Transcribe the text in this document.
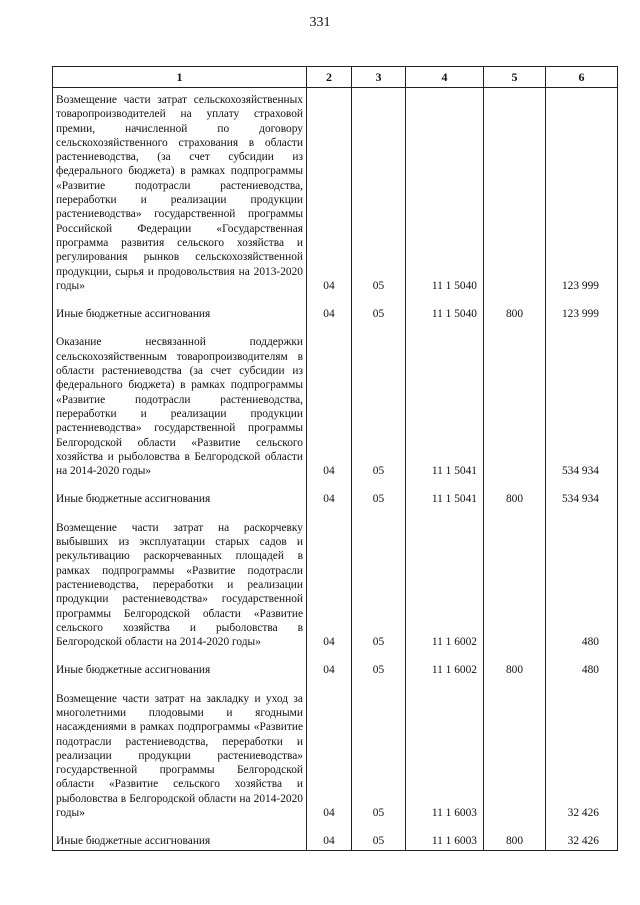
331
1	2	3	4	5	6

Возмещение части затрат сельскохозяйственных товаропроизводителей на уплату страховой премии, начисленной по договору сельскохозяйственного страхования в области растениеводства, (за счет субсидии из федерального бюджета) в рамках подпрограммы «Развитие подотрасли растениеводства, переработки и реализации продукции растениеводства» государственной программы Российской Федерации «Государственная программа развития сельского хозяйства и регулирования рынков сельскохозяйственной продукции, сырья и продовольствия на 2013-2020 годы»	04	05	11 1 5040		123 999

Иные бюджетные ассигнования	04	05	11 1 5040	800	123 999

Оказание несвязанной поддержки сельскохозяйственным товаропроизводителям в области растениеводства (за счет субсидии из федерального бюджета) в рамках подпрограммы «Развитие подотрасли растениеводства, переработки и реализации продукции растениеводства» государственной программы Белгородской области «Развитие сельского хозяйства и рыболовства в Белгородской области на 2014-2020 годы»	04	05	11 1 5041		534 934

Иные бюджетные ассигнования	04	05	11 1 5041	800	534 934

Возмещение части затрат на раскорчевку выбывших из эксплуатации старых садов и рекультивацию раскорчеванных площадей в рамках подпрограммы «Развитие подотрасли растениеводства, переработки и реализации продукции растениеводства» государственной программы Белгородской области «Развитие сельского хозяйства и рыболовства в Белгородской области на 2014-2020 годы»	04	05	11 1 6002		480

Иные бюджетные ассигнования	04	05	11 1 6002	800	480

Возмещение части затрат на закладку и уход за многолетними плодовыми и ягодными насаждениями в рамках подпрограммы «Развитие подотрасли растениеводства, переработки и реализации продукции растениеводства» государственной программы Белгородской области «Развитие сельского хозяйства и рыболовства в Белгородской области на 2014-2020 годы»	04	05	11 1 6003		32 426

Иные бюджетные ассигнования	04	05	11 1 6003	800	32 426
